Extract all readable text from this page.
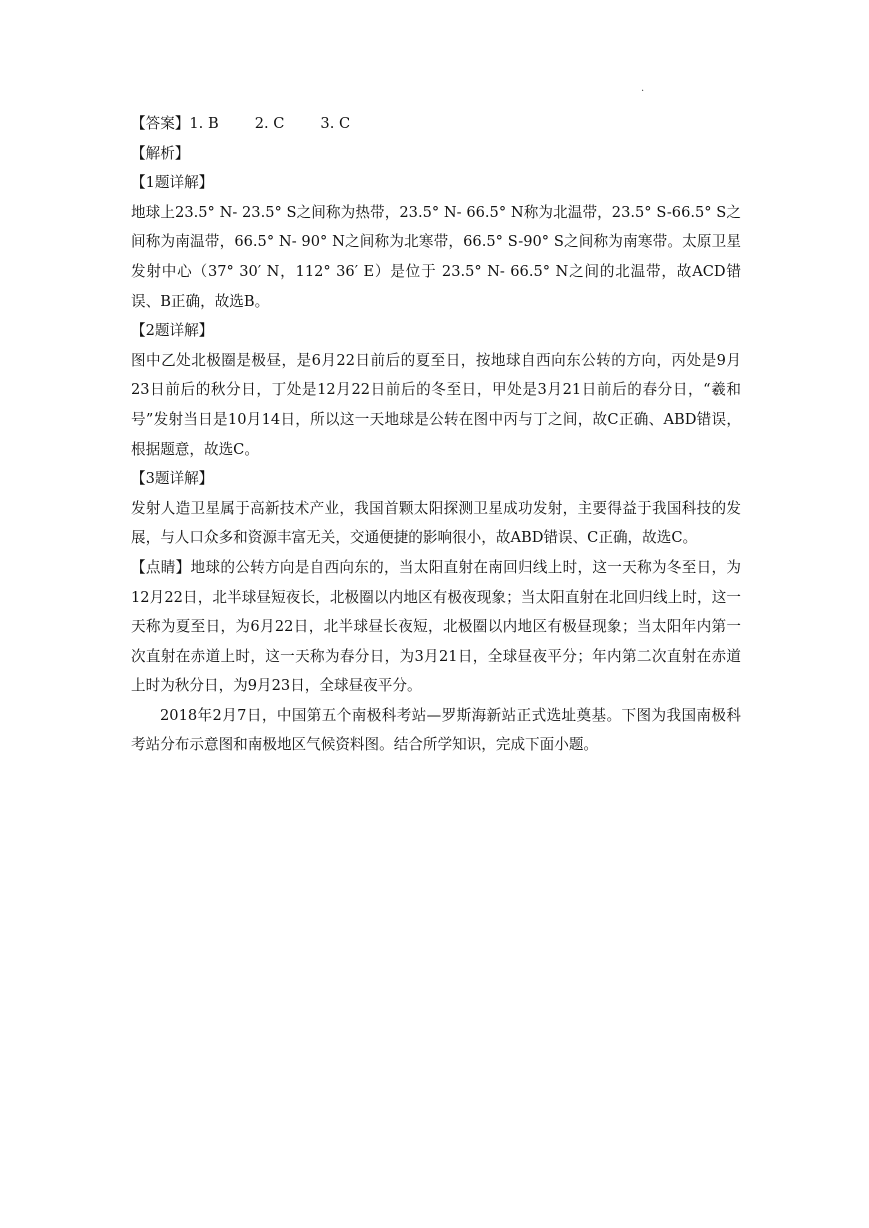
.

【答案】1. B 2. C 3. C

【解析】

【1题详解】

地球上23.5° N- 23.5° S之间称为热带，23.5° N- 66.5° N称为北温带，23.5° S-66.5° S之间称为南温带，66.5° N- 90° N之间称为北寒带，66.5° S-90° S之间称为南寒带。太原卫星发射中心（37° 30′ N，112° 36′ E）是位于 23.5° N- 66.5° N之间的北温带，故ACD错误、B正确，故选B。

【2题详解】

图中乙处北极圈是极昼，是6月22日前后的夏至日，按地球自西向东公转的方向，丙处是9月23日前后的秋分日，丁处是12月22日前后的冬至日，甲处是3月21日前后的春分日，“羲和号”发射当日是10月14日，所以这一天地球是公转在图中丙与丁之间，故C正确、ABD错误，根据题意，故选C。

【3题详解】

发射人造卫星属于高新技术产业，我国首颗太阳探测卫星成功发射，主要得益于我国科技的发展，与人口众多和资源丰富无关，交通便捷的影响很小，故ABD错误、C正确，故选C。

【点睛】地球的公转方向是自西向东的，当太阳直射在南回归线上时，这一天称为冬至日，为12月22日，北半球昼短夜长，北极圈以内地区有极夜现象；当太阳直射在北回归线上时，这一天称为夏至日，为6月22日，北半球昼长夜短，北极圈以内地区有极昼现象；当太阳年内第一次直射在赤道上时，这一天称为春分日，为3月21日，全球昼夜平分；年内第二次直射在赤道上时为秋分日，为9月23日，全球昼夜平分。

2018年2月7日，中国第五个南极科考站—罗斯海新站正式选址奠基。下图为我国南极科考站分布示意图和南极地区气候资料图。结合所学知识，完成下面小题。
